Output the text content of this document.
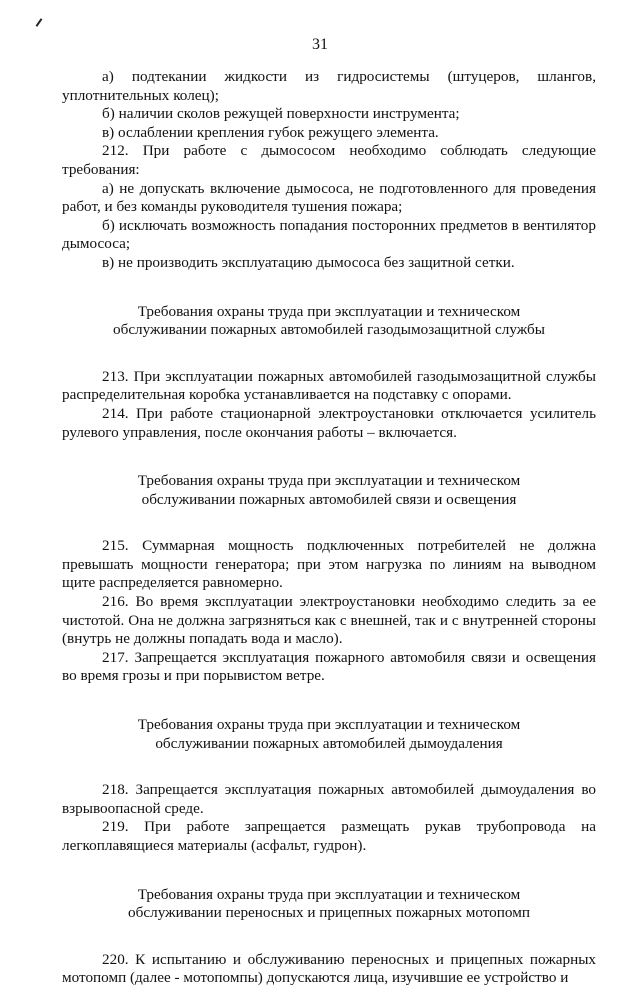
31

а) подтекании жидкости из гидросистемы (штуцеров, шлангов, уплотнительных колец);

б) наличии сколов режущей поверхности инструмента;

в) ослаблении крепления губок режущего элемента.

212. При работе с дымососом необходимо соблюдать следующие требования:

а) не допускать включение дымососа, не подготовленного для проведения работ, и без команды руководителя тушения пожара;

б) исключать возможность попадания посторонних предметов в вентилятор дымососа;

в) не производить эксплуатацию дымососа без защитной сетки.

Требования охраны труда при эксплуатации и техническом
обслуживании пожарных автомобилей газодымозащитной службы

213. При эксплуатации пожарных автомобилей газодымозащитной службы распределительная коробка устанавливается на подставку с опорами.

214. При работе стационарной электроустановки отключается усилитель рулевого управления, после окончания работы – включается.

Требования охраны труда при эксплуатации и техническом
обслуживании пожарных автомобилей связи и освещения

215. Суммарная мощность подключенных потребителей не должна превышать мощности генератора; при этом нагрузка по линиям на выводном щите распределяется равномерно.

216. Во время эксплуатации электроустановки необходимо следить за ее чистотой. Она не должна загрязняться как с внешней, так и с внутренней стороны (внутрь не должны попадать вода и масло).

217. Запрещается эксплуатация пожарного автомобиля связи и освещения во время грозы и при порывистом ветре.

Требования охраны труда при эксплуатации и техническом
обслуживании пожарных автомобилей дымоудаления

218. Запрещается эксплуатация пожарных автомобилей дымоудаления во взрывоопасной среде.

219. При работе запрещается размещать рукав трубопровода на легкоплавящиеся материалы (асфальт, гудрон).

Требования охраны труда при эксплуатации и техническом
обслуживании переносных и прицепных пожарных мотопомп

220. К испытанию и обслуживанию переносных и прицепных пожарных мотопомп (далее - мотопомпы) допускаются лица, изучившие ее устройство и
